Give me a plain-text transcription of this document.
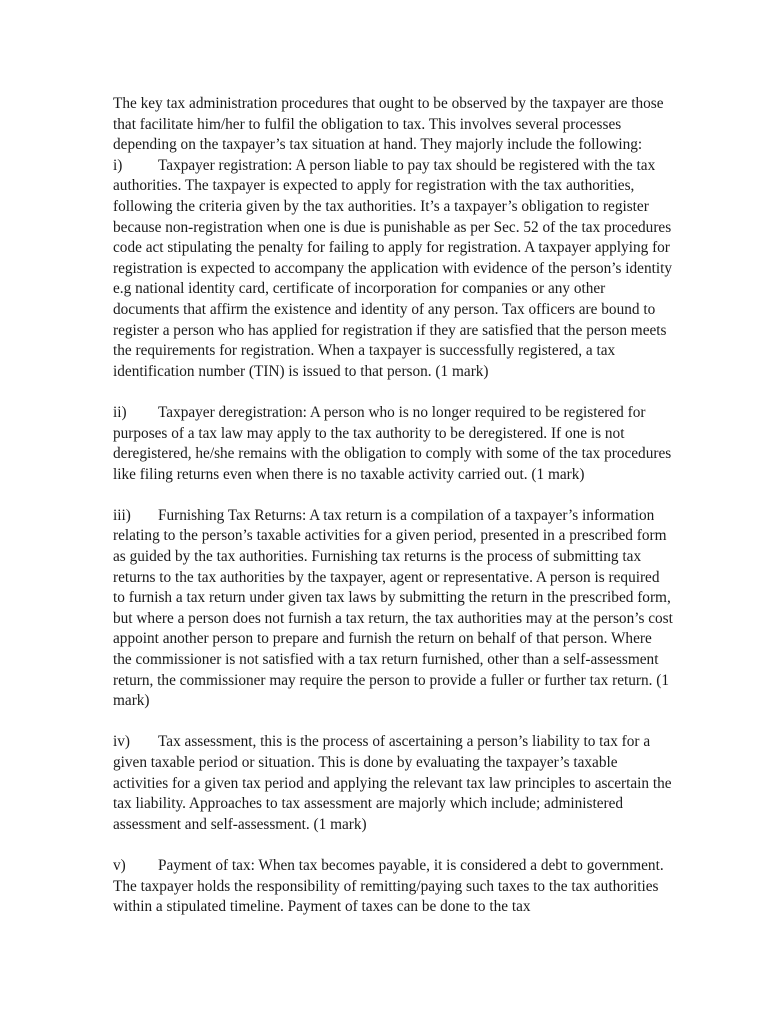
The key tax administration procedures that ought to be observed by the taxpayer are those that facilitate him/her to fulfil the obligation to tax. This involves several processes depending on the taxpayer’s tax situation at hand. They majorly include the following:

i) Taxpayer registration: A person liable to pay tax should be registered with the tax authorities. The taxpayer is expected to apply for registration with the tax authorities, following the criteria given by the tax authorities. It’s a taxpayer’s obligation to register because non-registration when one is due is punishable as per Sec. 52 of the tax procedures code act stipulating the penalty for failing to apply for registration. A taxpayer applying for registration is expected to accompany the application with evidence of the person’s identity e.g national identity card, certificate of incorporation for companies or any other documents that affirm the existence and identity of any person. Tax officers are bound to register a person who has applied for registration if they are satisfied that the person meets the requirements for registration. When a taxpayer is successfully registered, a tax identification number (TIN) is issued to that person. (1 mark)

ii) Taxpayer deregistration: A person who is no longer required to be registered for purposes of a tax law may apply to the tax authority to be deregistered. If one is not deregistered, he/she remains with the obligation to comply with some of the tax procedures like filing returns even when there is no taxable activity carried out. (1 mark)

iii) Furnishing Tax Returns: A tax return is a compilation of a taxpayer’s information relating to the person’s taxable activities for a given period, presented in a prescribed form as guided by the tax authorities. Furnishing tax returns is the process of submitting tax returns to the tax authorities by the taxpayer, agent or representative. A person is required to furnish a tax return under given tax laws by submitting the return in the prescribed form, but where a person does not furnish a tax return, the tax authorities may at the person’s cost appoint another person to prepare and furnish the return on behalf of that person. Where the commissioner is not satisfied with a tax return furnished, other than a self-assessment return, the commissioner may require the person to provide a fuller or further tax return. (1 mark)

iv) Tax assessment, this is the process of ascertaining a person’s liability to tax for a given taxable period or situation. This is done by evaluating the taxpayer’s taxable activities for a given tax period and applying the relevant tax law principles to ascertain the tax liability. Approaches to tax assessment are majorly which include; administered assessment and self-assessment. (1 mark)

v) Payment of tax: When tax becomes payable, it is considered a debt to government. The taxpayer holds the responsibility of remitting/paying such taxes to the tax authorities within a stipulated timeline. Payment of taxes can be done to the tax
